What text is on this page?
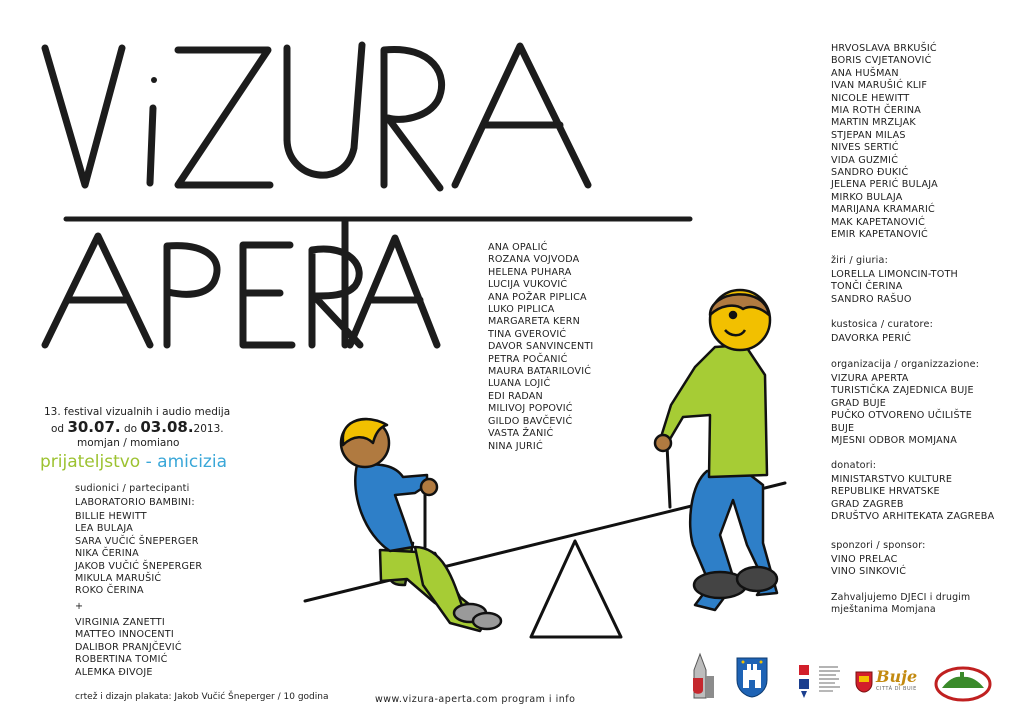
13. festival vizualnih i audio medija
od 30.07. do 03.08.2013.
momjan / momiano
prijateljstvo - amicizia
sudionici / partecipanti
LABORATORIO BAMBINI:
BILLIE HEWITT
LEA BULAJA
SARA VUČIĆ ŠNEPERGER
NIKA ČERINA
JAKOB VUČIĆ ŠNEPERGER
MIKULA MARUŠIĆ
ROKO ČERINA
+
VIRGINIA ZANETTI
MATTEO INNOCENTI
DALIBOR PRANJČEVIĆ
ROBERTINA TOMIĆ
ALEMKA ĐIVOJE
ANA OPALIĆ
ROZANA VOJVODA
HELENA PUHARA
LUCIJA VUKOVIĆ
ANA POŽAR PIPLICA
LUKO PIPLICA
MARGARETA KERN
TINA GVEROVIĆ
DAVOR SANVINCENTI
PETRA POČANIĆ
MAURA BATARILOVIĆ
LUANA LOJIĆ
EDI RADAN
MILIVOJ POPOVIĆ
GILDO BAVČEVIĆ
VASTA ŽANIĆ
NINA JURIĆ
HRVOSLAVA BRKUŠIĆ
BORIS CVJETANOVIĆ
ANA HUŠMAN
IVAN MARUŠIĆ KLIF
NICOLE HEWITT
MIA ROTH ČERINA
MARTIN MRZLJAK
STJEPAN MILAS
NIVES SERTIĆ
VIDA GUZMIĆ
SANDRO ĐUKIĆ
JELENA PERIĆ BULAJA
MIRKO BULAJA
MARIJANA KRAMARIĆ
MAK KAPETANOVIĆ
EMIR KAPETANOVIĆ
žiri / giuria:
LORELLA LIMONCIN-TOTH
TONČI ČERINA
SANDRO RAŠUO
kustosica / curatore:
DAVORKA PERIĆ
organizacija / organizzazione:
VIZURA APERTA
TURISTIČKA ZAJEDNICA BUJE
GRAD BUJE
PUČKO OTVORENO UČILIŠTE
BUJE
MJESNI ODBOR MOMJANA
donatori:
MINISTARSTVO KULTURE
REPUBLIKE HRVATSKE
GRAD ZAGREB
DRUŠTVO ARHITEKATA ZAGREBA
sponzori / sponsor:
VINO PRELAC
VINO SINKOVIĆ
Zahvaljujemo DJECI i drugim
mještanima Momjana
crtež i dizajn plakata: Jakob Vučić Šneperger / 10 godina	www.vizura-aperta.com program i info
Buje
CITTÀ DI BUIE
